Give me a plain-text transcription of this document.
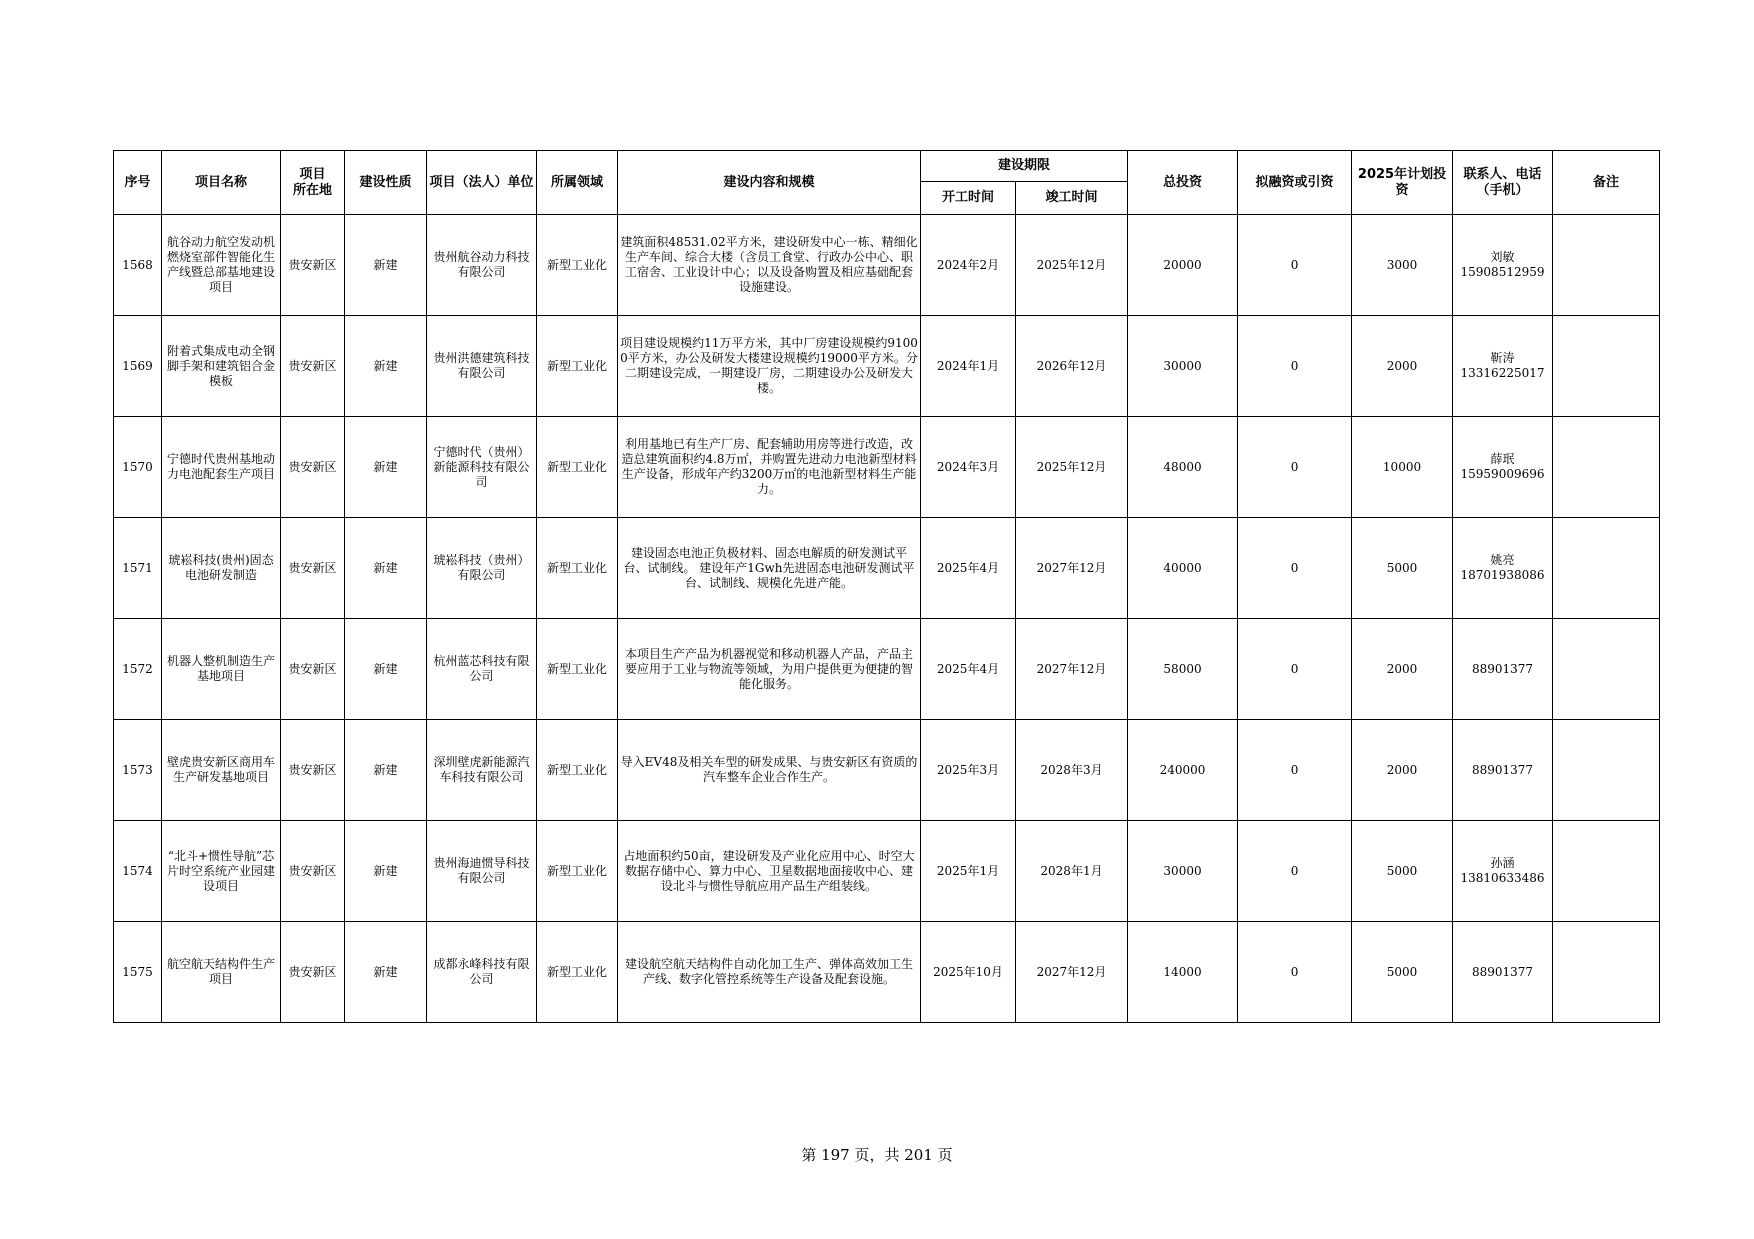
序号	项目名称	项目
所在地	建设性质	项目（法人）单位	所属领域	建设内容和规模	建设期限		总投资	拟融资或引资	2025年计划投资	联系人、电话（手机）	备注
							开工时间	竣工时间					
1568	航谷动力航空发动机燃烧室部件智能化生产线暨总部基地建设项目	贵安新区	新建	贵州航谷动力科技有限公司	新型工业化	建筑面积48531.02平方米，建设研发中心一栋、精细化生产车间、综合大楼（含员工食堂、行政办公中心、职工宿舍、工业设计中心；以及设备购置及相应基础配套设施建设。	2024年2月	2025年12月	20000	0	3000	刘敏
15908512959	

1569	附着式集成电动全钢脚手架和建筑铝合金模板	贵安新区	新建	贵州洪德建筑科技有限公司	新型工业化	项目建设规模约11万平方米，其中厂房建设规模约91000平方米，办公及研发大楼建设规模约19000平方米。分二期建设完成，一期建设厂房，二期建设办公及研发大楼。	2024年1月	2026年12月	30000	0	2000	靳涛
13316225017	

1570	宁德时代贵州基地动力电池配套生产项目	贵安新区	新建	宁德时代（贵州）新能源科技有限公司	新型工业化	利用基地已有生产厂房、配套辅助用房等进行改造，改造总建筑面积约4.8万㎡，并购置先进动力电池新型材料生产设备，形成年产约3200万㎡的电池新型材料生产能力。	2024年3月	2025年12月	48000	0	10000	薛珉
15959009696	

1571	琥崧科技(贵州)固态电池研发制造	贵安新区	新建	琥崧科技（贵州）有限公司	新型工业化	建设固态电池正负极材料、固态电解质的研发测试平台、试制线。 建设年产1Gwh先进固态电池研发测试平台、试制线、规模化先进产能。	2025年4月	2027年12月	40000	0	5000	姚亮
18701938086	

1572	机器人整机制造生产基地项目	贵安新区	新建	杭州蓝芯科技有限公司	新型工业化	本项目生产产品为机器视觉和移动机器人产品，产品主要应用于工业与物流等领域，为用户提供更为便捷的智能化服务。	2025年4月	2027年12月	58000	0	2000	88901377	

1573	壁虎贵安新区商用车生产研发基地项目	贵安新区	新建	深圳壁虎新能源汽车科技有限公司	新型工业化	导入EV48及相关车型的研发成果、与贵安新区有资质的汽车整车企业合作生产。	2025年3月	2028年3月	240000	0	2000	88901377	

1574	“北斗+惯性导航”芯片时空系统产业园建设项目	贵安新区	新建	贵州海迪惯导科技有限公司	新型工业化	占地面积约50亩，建设研发及产业化应用中心、时空大数据存储中心、算力中心、卫星数据地面接收中心、建设北斗与惯性导航应用产品生产组装线。	2025年1月	2028年1月	30000	0	5000	孙涵
13810633486	

1575	航空航天结构件生产项目	贵安新区	新建	成都永峰科技有限公司	新型工业化	建设航空航天结构件自动化加工生产、弹体高效加工生产线、数字化管控系统等生产设备及配套设施。	2025年10月	2027年12月	14000	0	5000	88901377	

第 197 页，共 201 页
